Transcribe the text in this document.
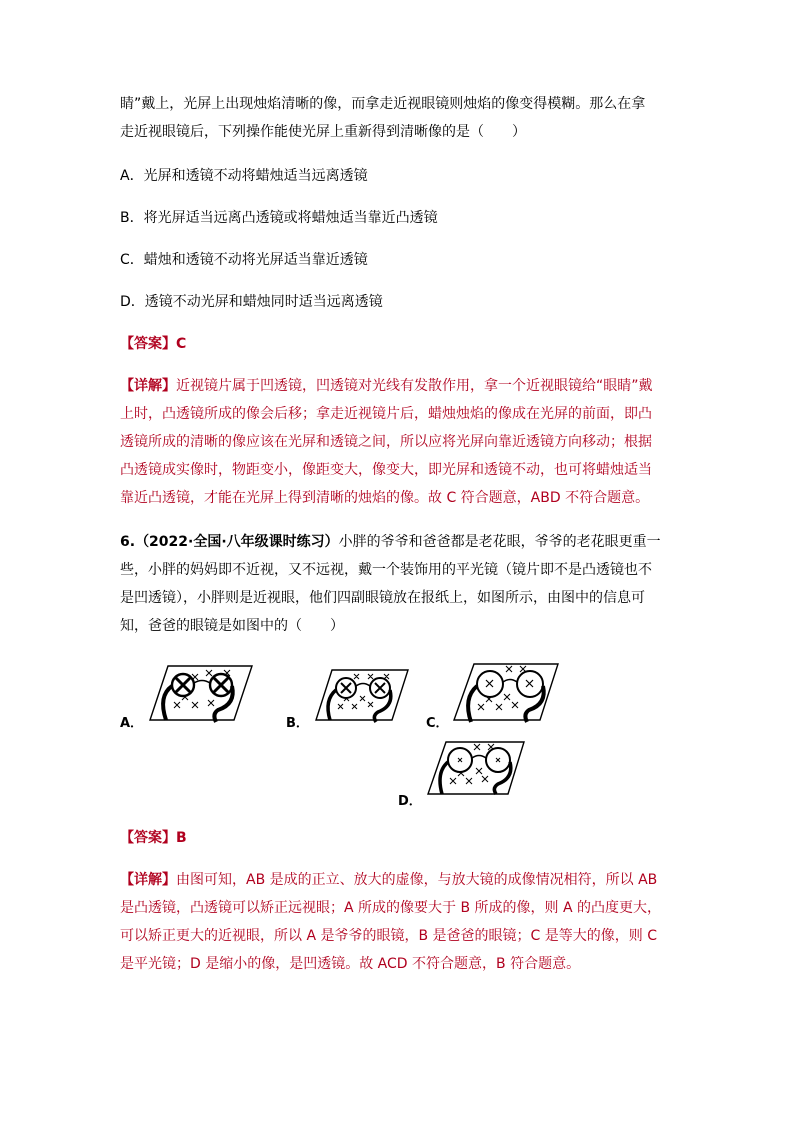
睛”戴上，光屏上出现烛焰清晰的像，而拿走近视眼镜则烛焰的像变得模糊。那么在拿
走近视眼镜后，下列操作能使光屏上重新得到清晰像的是（　　）
A．光屏和透镜不动将蜡烛适当远离透镜
B．将光屏适当远离凸透镜或将蜡烛适当靠近凸透镜
C．蜡烛和透镜不动将光屏适当靠近透镜
D．透镜不动光屏和蜡烛同时适当远离透镜
【答案】C
【详解】近视镜片属于凹透镜，凹透镜对光线有发散作用，拿一个近视眼镜给“眼睛”戴
上时，凸透镜所成的像会后移；拿走近视镜片后，蜡烛烛焰的像成在光屏的前面，即凸
透镜所成的清晰的像应该在光屏和透镜之间，所以应将光屏向靠近透镜方向移动；根据
凸透镜成实像时，物距变小，像距变大，像变大，即光屏和透镜不动，也可将蜡烛适当
靠近凸透镜，才能在光屏上得到清晰的烛焰的像。故 C 符合题意，ABD 不符合题意。
6.（2022·全国·八年级课时练习）小胖的爷爷和爸爸都是老花眼，爷爷的老花眼更重一
些，小胖的妈妈即不近视，又不远视，戴一个装饰用的平光镜（镜片即不是凸透镜也不
是凹透镜），小胖则是近视眼，他们四副眼镜放在报纸上，如图所示，由图中的信息可
知，爸爸的眼镜是如图中的（　　）
A．	B．	C．
D．
【答案】B
【详解】由图可知，AB 是成的正立、放大的虚像，与放大镜的成像情况相符，所以 AB
是凸透镜，凸透镜可以矫正远视眼；A 所成的像要大于 B 所成的像，则 A 的凸度更大，
可以矫正更大的近视眼，所以 A 是爷爷的眼镜，B 是爸爸的眼镜；C 是等大的像，则 C
是平光镜；D 是缩小的像，是凹透镜。故 ACD 不符合题意，B 符合题意。
